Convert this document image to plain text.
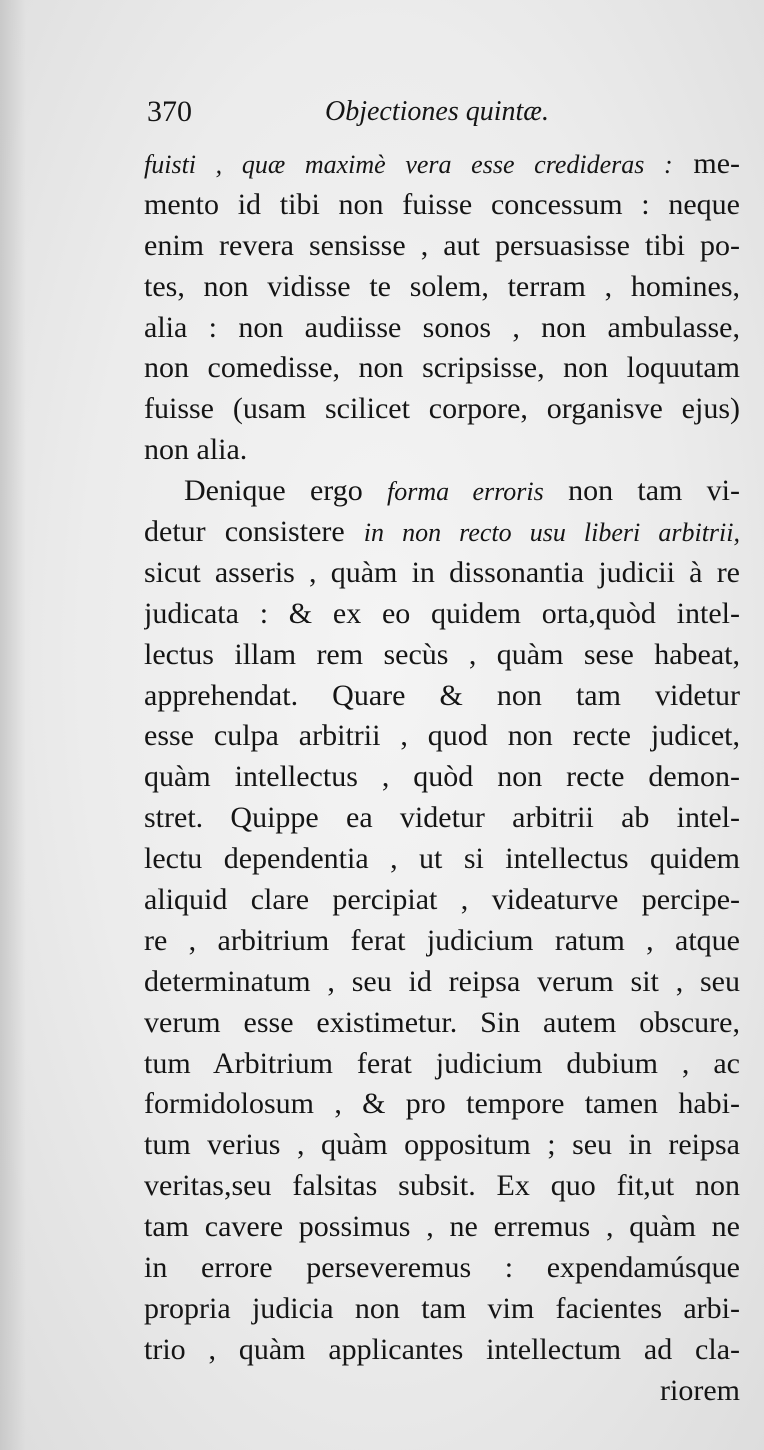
370	Objectiones quintæ.
fuisti , quæ maximè vera esse credideras : me-
mento id tibi non fuisse concessum : neque
enim revera sensisse , aut persuasisse tibi po-
tes, non vidisse te solem, terram , homines,
alia : non audiisse sonos , non ambulasse,
non comedisse, non scripsisse, non loquutam
fuisse (usam scilicet corpore, organisve ejus)
non alia.
Denique ergo forma erroris non tam vi-
detur consistere in non recto usu liberi arbitrii,
sicut asseris , quàm in dissonantia judicii à re
judicata : & ex eo quidem orta,quòd intel-
lectus illam rem secùs , quàm sese habeat,
apprehendat. Quare & non tam videtur
esse culpa arbitrii , quod non recte judicet,
quàm intellectus , quòd non recte demon-
stret. Quippe ea videtur arbitrii ab intel-
lectu dependentia , ut si intellectus quidem
aliquid clare percipiat , videaturve percipe-
re , arbitrium ferat judicium ratum , atque
determinatum , seu id reipsa verum sit , seu
verum esse existimetur. Sin autem obscure,
tum Arbitrium ferat judicium dubium , ac
formidolosum , & pro tempore tamen habi-
tum verius , quàm oppositum ; seu in reipsa
veritas,seu falsitas subsit. Ex quo fit,ut non
tam cavere possimus , ne erremus , quàm ne
in errore perseveremus : expendamúsque
propria judicia non tam vim facientes arbi-
trio , quàm applicantes intellectum ad cla-
riorem
